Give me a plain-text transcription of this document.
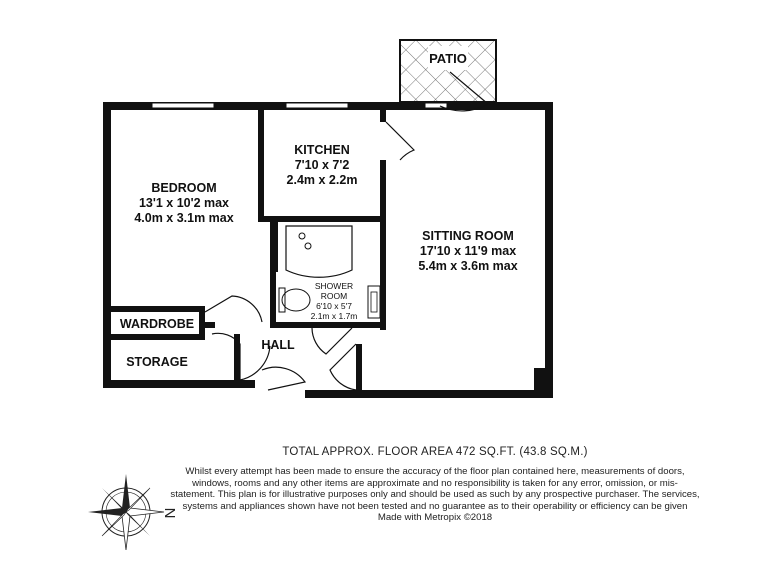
PATIO
BEDROOM
13'1 x 10'2 max
4.0m x 3.1m max
KITCHEN
7'10 x 7'2
2.4m x 2.2m
SITTING ROOM
17'10 x 11'9 max
5.4m x 3.6m max
SHOWER
ROOM
6'10 x 5'7
2.1m x 1.7m
WARDROBE
STORAGE
HALL
N
TOTAL APPROX. FLOOR AREA 472 SQ.FT. (43.8 SQ.M.)
Whilst every attempt has been made to ensure the accuracy of the floor plan contained here, measurements of doors, windows, rooms and any other items are approximate and no responsibility is taken for any error, omission, or mis-statement. This plan is for illustrative purposes only and should be used as such by any prospective purchaser. The services, systems and appliances shown have not been tested and no guarantee as to their operability or efficiency can be given
Made with Metropix ©2018
